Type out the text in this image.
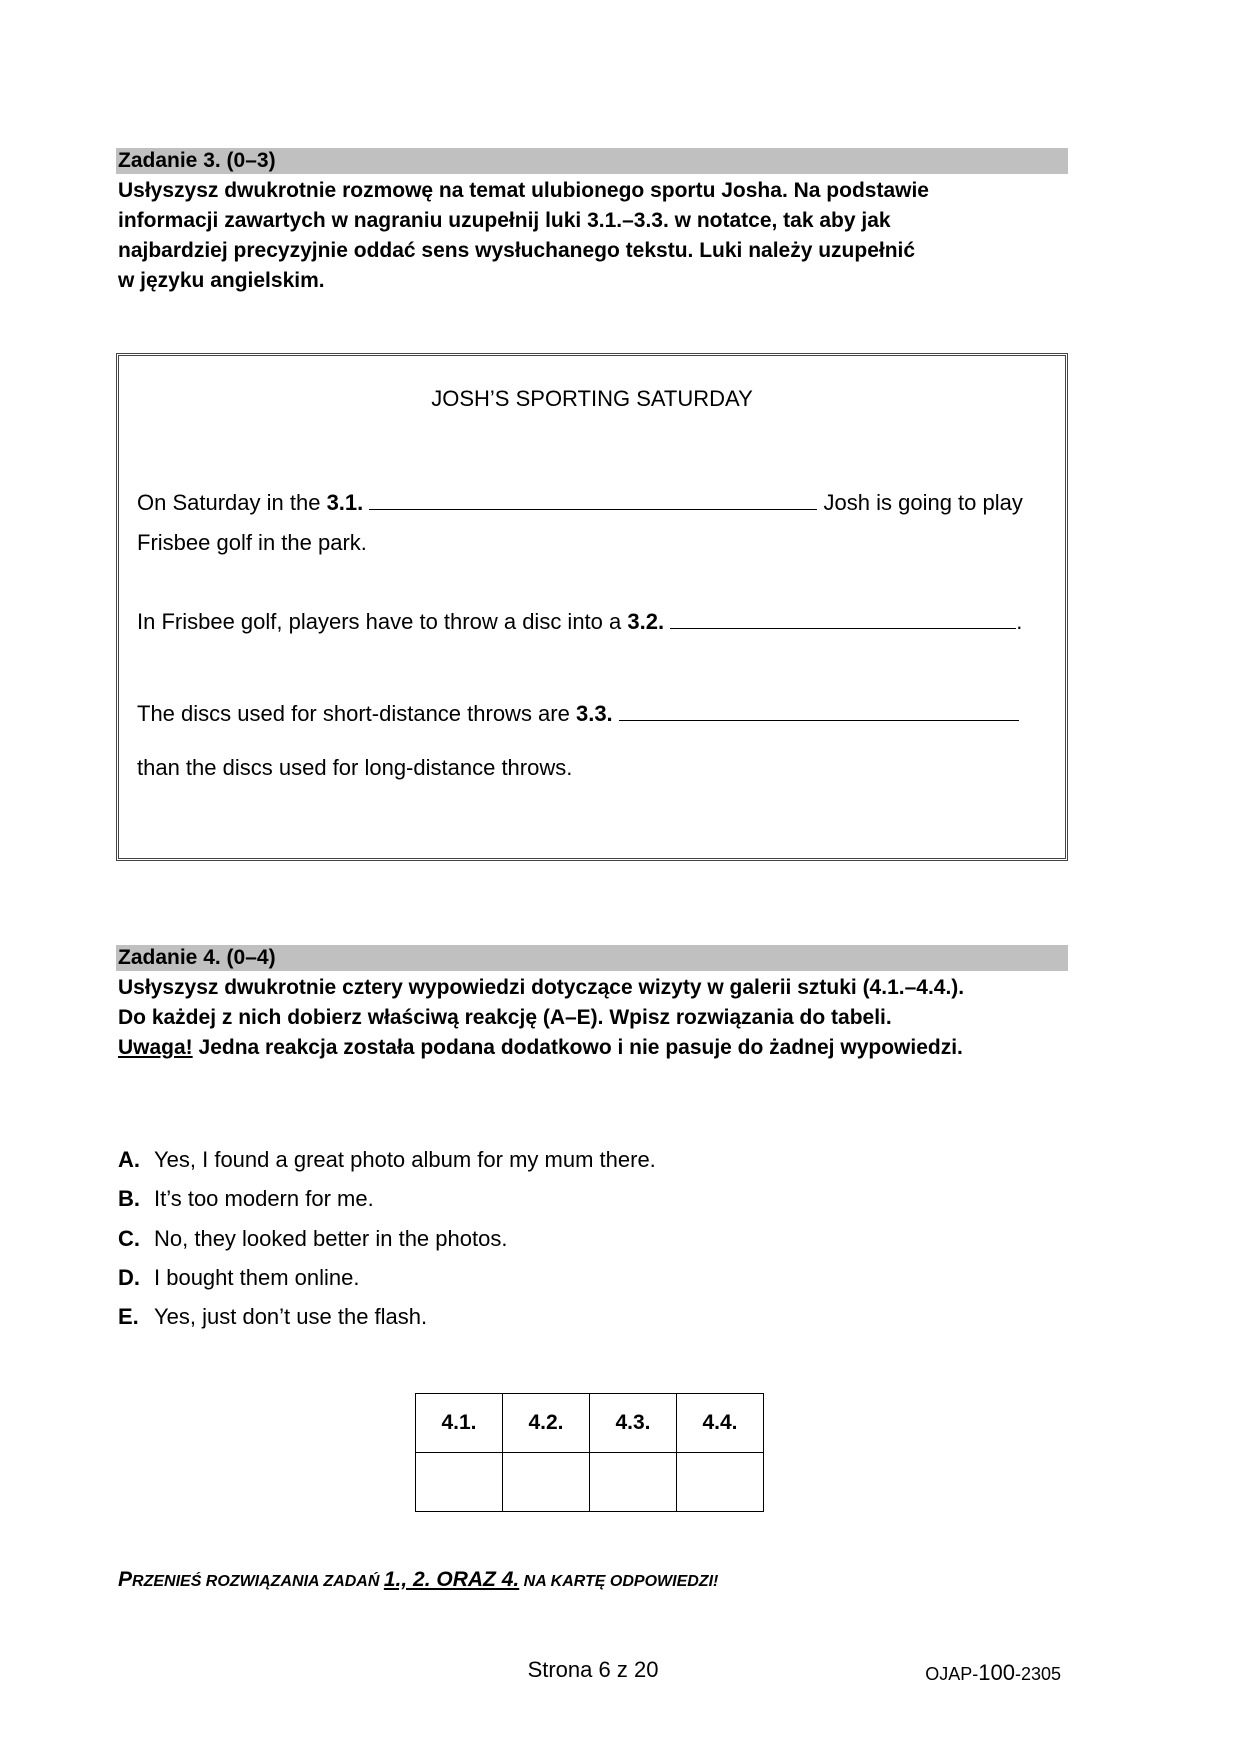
Zadanie 3. (0–3)

Usłyszysz dwukrotnie rozmowę na temat ulubionego sportu Josha. Na podstawie

informacji zawartych w nagraniu uzupełnij luki 3.1.–3.3. w notatce, tak aby jak

najbardziej precyzyjnie oddać sens wysłuchanego tekstu. Luki należy uzupełnić

w języku angielskim.

JOSH’S SPORTING SATURDAY
On Saturday in the 3.1.	Josh is going to play
Frisbee golf in the park.
In Frisbee golf, players have to throw a disc into a 3.2.	.
The discs used for short-distance throws are 3.3.
than the discs used for long-distance throws.
Zadanie 4. (0–4)

Usłyszysz dwukrotnie cztery wypowiedzi dotyczące wizyty w galerii sztuki (4.1.–4.4.).

Do każdej z nich dobierz właściwą reakcję (A–E). Wpisz rozwiązania do tabeli.

Uwaga! Jedna reakcja została podana dodatkowo i nie pasuje do żadnej wypowiedzi.

A. Yes, I found a great photo album for my mum there.
B. It’s too modern for me.
C. No, they looked better in the photos.
D. I bought them online.
E. Yes, just don’t use the flash.
4.1.	4.2.	4.3.	4.4.

PRZENIEŚ ROZWIĄZANIA ZADAŃ 1., 2. ORAZ 4. NA KARTĘ ODPOWIEDZI!
Strona 6 z 20	OJAP-100-2305
